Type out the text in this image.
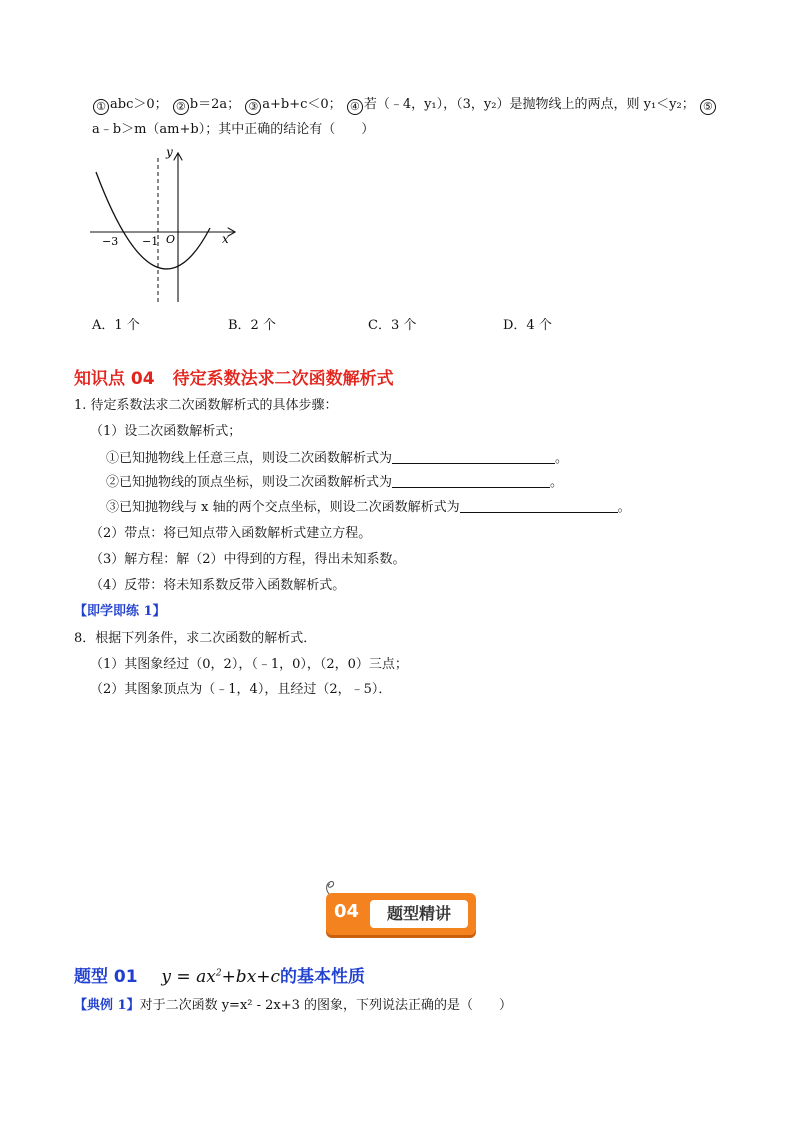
① abc＞0； ② b＝2a； ③ a+b+c＜0； ④ 若（﹣4，y₁），（3，y₂）是抛物线上的两点，则 y₁＜y₂； ⑤
a﹣b＞m（am+b）；其中正确的结论有（　　）
y
x
O
−3 −1
A．1 个	B．2 个	C．3 个	D．4 个
知识点 04 待定系数法求二次函数解析式
1. 待定系数法求二次函数解析式的具体步骤：
（1）设二次函数解析式；
①已知抛物线上任意三点，则设二次函数解析式为	。
②已知抛物线的顶点坐标，则设二次函数解析式为	。
③已知抛物线与 x 轴的两个交点坐标，则设二次函数解析式为	。
（2）带点：将已知点带入函数解析式建立方程。
（3）解方程：解（2）中得到的方程，得出未知系数。
（4）反带：将未知系数反带入函数解析式。
【即学即练 1】
8．根据下列条件，求二次函数的解析式．
（1）其图象经过（0，2），（﹣1，0），（2，0）三点；
（2）其图象顶点为（﹣1，4），且经过（2，﹣5）．
04	题型精讲
题型 01 $y = ax^2+bx+c$的基本性质
【典例 1】对于二次函数 y=x² - 2x+3 的图象，下列说法正确的是（　　）
